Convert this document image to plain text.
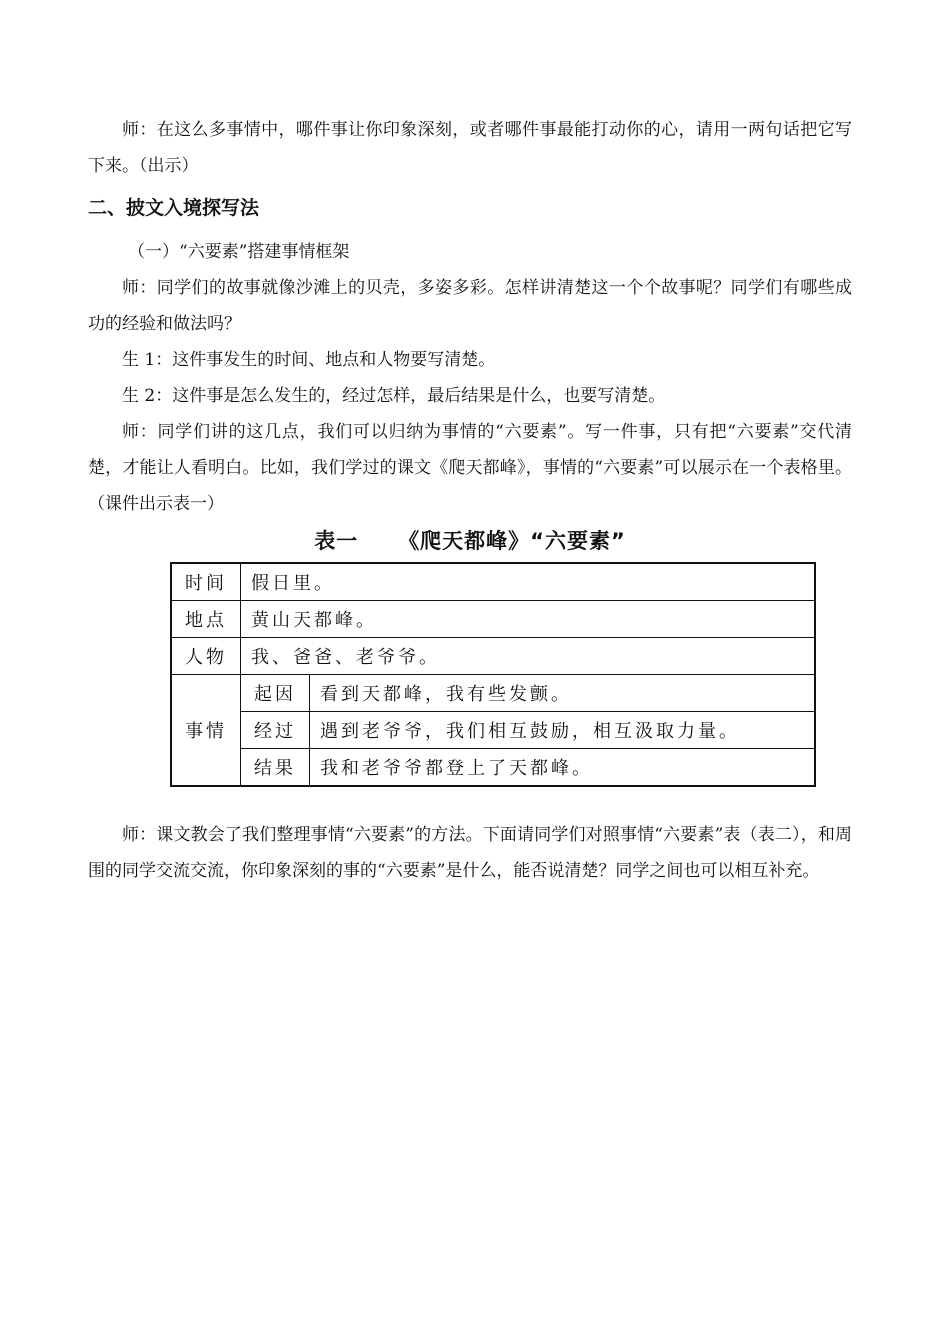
师：在这么多事情中，哪件事让你印象深刻，或者哪件事最能打动你的心，请用一两句话把它写下来。（出示）

二、披文入境探写法

（一）“六要素”搭建事情框架

师：同学们的故事就像沙滩上的贝壳，多姿多彩。怎样讲清楚这一个个故事呢？同学们有哪些成功的经验和做法吗？

生 1：这件事发生的时间、地点和人物要写清楚。

生 2：这件事是怎么发生的，经过怎样，最后结果是什么，也要写清楚。

师：同学们讲的这几点，我们可以归纳为事情的“六要素”。写一件事，只有把“六要素”交代清楚，才能让人看明白。比如，我们学过的课文《爬天都峰》，事情的“六要素”可以展示在一个表格里。（课件出示表一）

表一 《爬天都峰》“六要素”
时间	假日里。	
地点	黄山天都峰。	
人物	我、爸爸、老爷爷。	
事情	起因	看到天都峰，我有些发颤。
	经过	遇到老爷爷，我们相互鼓励，相互汲取力量。
	结果	我和老爷爷都登上了天都峰。

师：课文教会了我们整理事情“六要素”的方法。下面请同学们对照事情“六要素”表（表二），和周围的同学交流交流，你印象深刻的事的“六要素”是什么，能否说清楚？同学之间也可以相互补充。
